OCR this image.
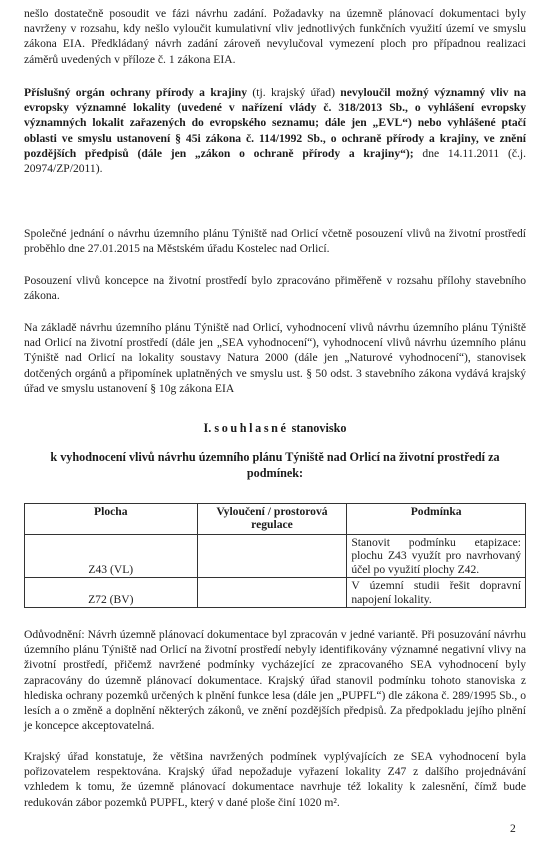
nešlo dostatečně posoudit ve fázi návrhu zadání. Požadavky na územně plánovací dokumentaci byly navrženy v rozsahu, kdy nešlo vyloučit kumulativní vliv jednotlivých funkčních využití území ve smyslu zákona EIA. Předkládaný návrh zadání zároveň nevylučoval vymezení ploch pro případnou realizaci záměrů uvedených v příloze č. 1 zákona EIA.

Příslušný orgán ochrany přírody a krajiny (tj. krajský úřad) nevyloučil možný významný vliv na evropsky významné lokality (uvedené v nařízení vlády č. 318/2013 Sb., o vyhlášení evropsky významných lokalit zařazených do evropského seznamu; dále jen „EVL“) nebo vyhlášené ptačí oblasti ve smyslu ustanovení § 45i zákona č. 114/1992 Sb., o ochraně přírody a krajiny, ve znění pozdějších předpisů (dále jen „zákon o ochraně přírody a krajiny“); dne 14.11.2011 (č.j. 20974/ZP/2011).

Společné jednání o návrhu územního plánu Týniště nad Orlicí včetně posouzení vlivů na životní prostředí proběhlo dne 27.01.2015 na Městském úřadu Kostelec nad Orlicí.

Posouzení vlivů koncepce na životní prostředí bylo zpracováno přiměřeně v rozsahu přílohy stavebního zákona.

Na základě návrhu územního plánu Týniště nad Orlicí, vyhodnocení vlivů návrhu územního plánu Týniště nad Orlicí na životní prostředí (dále jen „SEA vyhodnocení“), vyhodnocení vlivů návrhu územního plánu Týniště nad Orlicí na lokality soustavy Natura 2000 (dále jen „Naturové vyhodnocení“), stanovisek dotčených orgánů a připomínek uplatněných ve smyslu ust. § 50 odst. 3 stavebního zákona vydává krajský úřad ve smyslu ustanovení § 10g zákona EIA

I. souhlasné stanovisko
k vyhodnocení vlivů návrhu územního plánu Týniště nad Orlicí na životní prostředí za podmínek:
Plocha	Vyloučení / prostorová regulace	Podmínka
Z43 (VL)		Stanovit podmínku etapizace: plochu Z43 využít pro navrhovaný účel po využití plochy Z42.
Z72 (BV)		V územní studii řešit dopravní napojení lokality.

Odůvodnění: Návrh územně plánovací dokumentace byl zpracován v jedné variantě. Při posuzování návrhu územního plánu Týniště nad Orlicí na životní prostředí nebyly identifikovány významné negativní vlivy na životní prostředí, přičemž navržené podmínky vycházející ze zpracovaného SEA vyhodnocení byly zapracovány do územně plánovací dokumentace. Krajský úřad stanovil podmínku tohoto stanoviska z hlediska ochrany pozemků určených k plnění funkce lesa (dále jen „PUPFL“) dle zákona č. 289/1995 Sb., o lesích a o změně a doplnění některých zákonů, ve znění pozdějších předpisů. Za předpokladu jejího plnění je koncepce akceptovatelná.

Krajský úřad konstatuje, že většina navržených podmínek vyplývajících ze SEA vyhodnocení byla pořizovatelem respektována. Krajský úřad nepožaduje vyřazení lokality Z47 z dalšího projednávání vzhledem k tomu, že územně plánovací dokumentace navrhuje též lokality k zalesnění, čímž bude redukován zábor pozemků PUPFL, který v dané ploše činí 1020 m².

2
